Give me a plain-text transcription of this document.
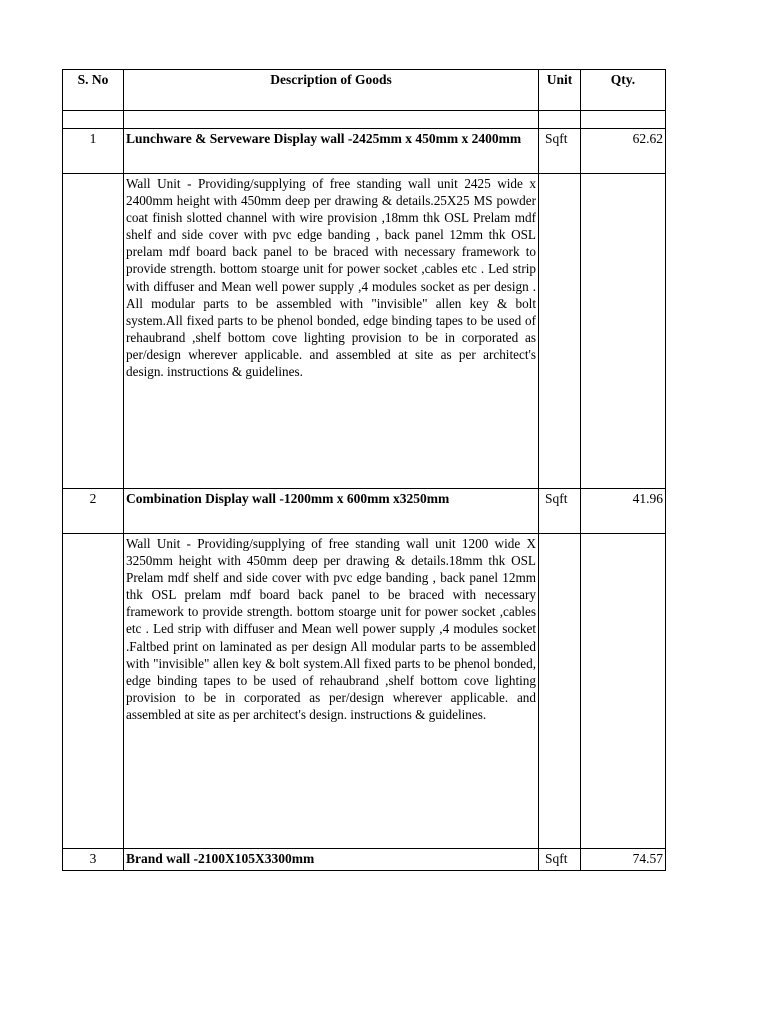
S. No	Description of Goods	Unit	Qty.

1	Lunchware & Serveware Display wall -2425mm x 450mm x 2400mm	Sqft	62.62
	Wall Unit - Providing/supplying of free standing wall unit 2425 wide x 2400mm height with 450mm deep per drawing & details.25X25 MS powder coat finish slotted channel with wire provision ,18mm thk OSL Prelam mdf shelf and side cover with pvc edge banding , back panel 12mm thk OSL prelam mdf board back panel to be braced with necessary framework to provide strength. bottom stoarge unit for power socket ,cables etc . Led strip with diffuser and Mean well power supply ,4 modules socket as per design . All modular parts to be assembled with "invisible" allen key & bolt system.All fixed parts to be phenol bonded, edge binding tapes to be used of rehaubrand ,shelf bottom cove lighting provision to be in corporated as per/design wherever applicable. and assembled at site as per architect's design. instructions & guidelines.		
2	Combination Display wall -1200mm x 600mm x3250mm	Sqft	41.96
	Wall Unit - Providing/supplying of free standing wall unit 1200 wide X 3250mm height with 450mm deep per drawing & details.18mm thk OSL Prelam mdf shelf and side cover with pvc edge banding , back panel 12mm thk OSL prelam mdf board back panel to be braced with necessary framework to provide strength. bottom stoarge unit for power socket ,cables etc . Led strip with diffuser and Mean well power supply ,4 modules socket .Faltbed print on laminated as per design All modular parts to be assembled with "invisible" allen key & bolt system.All fixed parts to be phenol bonded, edge binding tapes to be used of rehaubrand ,shelf bottom cove lighting provision to be in corporated as per/design wherever applicable. and assembled at site as per architect's design. instructions & guidelines.		
3	Brand wall -2100X105X3300mm	Sqft	74.57
